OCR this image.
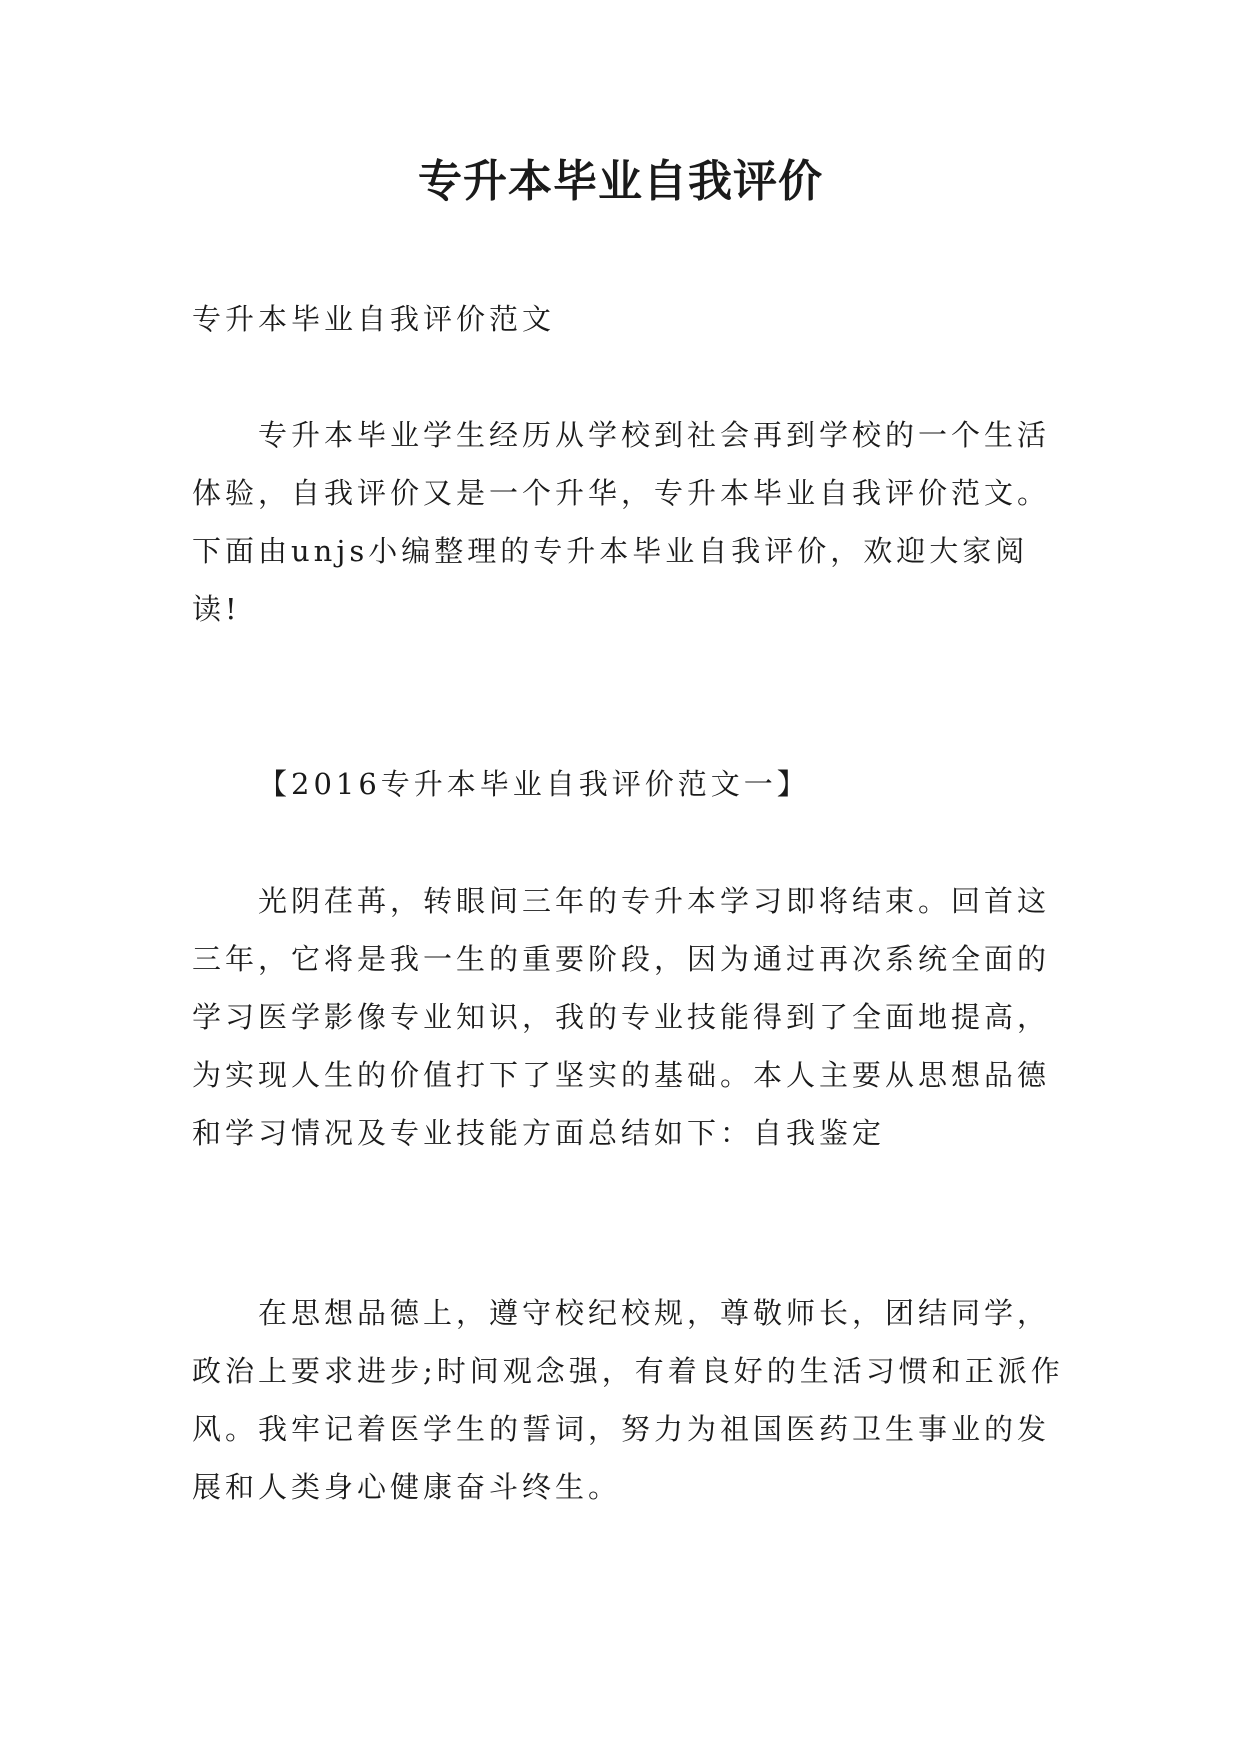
专升本毕业自我评价

专升本毕业自我评价范文

专升本毕业学生经历从学校到社会再到学校的一个生活体验，自我评价又是一个升华，专升本毕业自我评价范文。下面由unjs小编整理的专升本毕业自我评价，欢迎大家阅读!

【2016专升本毕业自我评价范文一】

光阴荏苒，转眼间三年的专升本学习即将结束。回首这三年，它将是我一生的重要阶段，因为通过再次系统全面的学习医学影像专业知识，我的专业技能得到了全面地提高，为实现人生的价值打下了坚实的基础。本人主要从思想品德和学习情况及专业技能方面总结如下：自我鉴定

在思想品德上，遵守校纪校规，尊敬师长，团结同学，政治上要求进步;时间观念强，有着良好的生活习惯和正派作风。我牢记着医学生的誓词，努力为祖国医药卫生事业的发展和人类身心健康奋斗终生。
